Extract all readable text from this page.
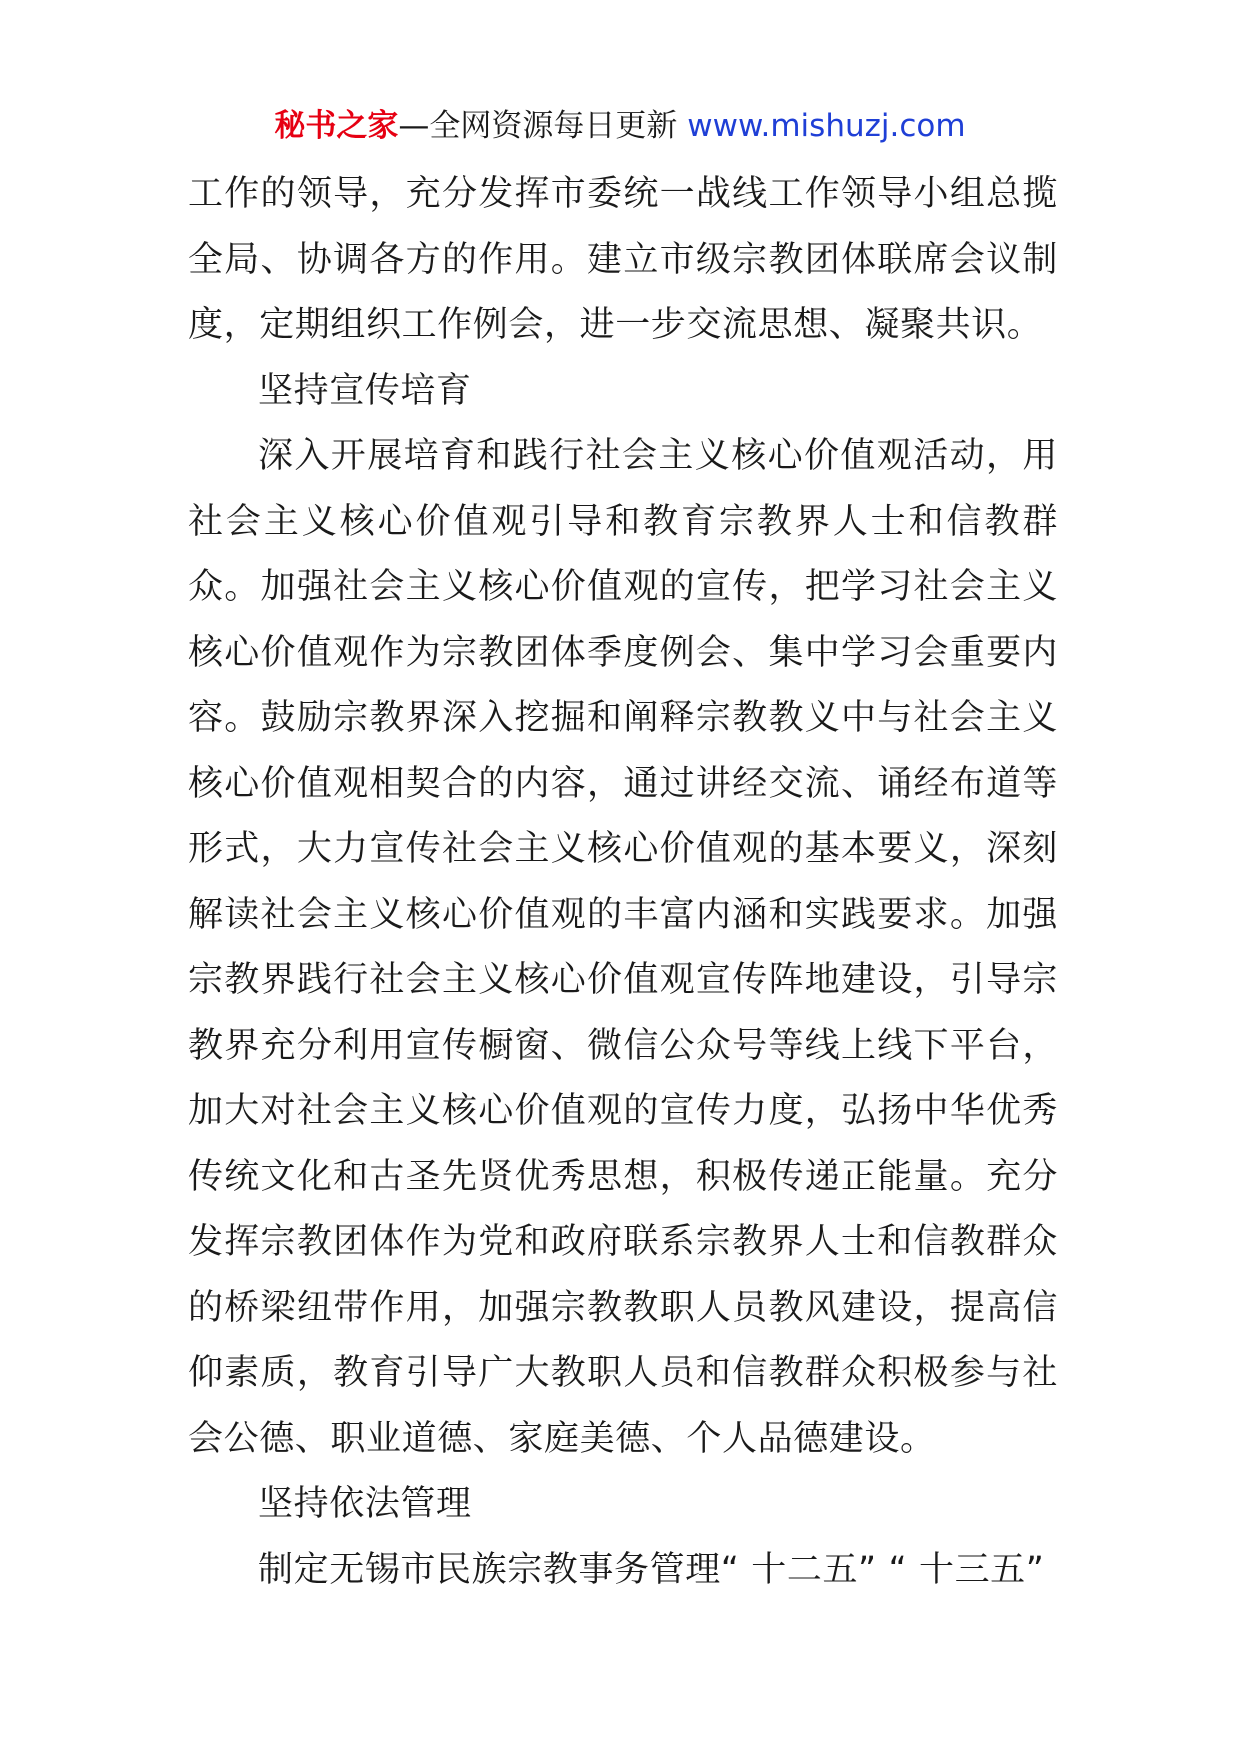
秘书之家—全网资源每日更新 www.mishuzj.com

工作的领导，充分发挥市委统一战线工作领导小组总揽全局、协调各方的作用。建立市级宗教团体联席会议制度，定期组织工作例会，进一步交流思想、凝聚共识。

坚持宣传培育

深入开展培育和践行社会主义核心价值观活动，用社会主义核心价值观引导和教育宗教界人士和信教群众。加强社会主义核心价值观的宣传，把学习社会主义核心价值观作为宗教团体季度例会、集中学习会重要内容。鼓励宗教界深入挖掘和阐释宗教教义中与社会主义核心价值观相契合的内容，通过讲经交流、诵经布道等形式，大力宣传社会主义核心价值观的基本要义，深刻解读社会主义核心价值观的丰富内涵和实践要求。加强宗教界践行社会主义核心价值观宣传阵地建设，引导宗教界充分利用宣传橱窗、微信公众号等线上线下平台，加大对社会主义核心价值观的宣传力度，弘扬中华优秀传统文化和古圣先贤优秀思想，积极传递正能量。充分发挥宗教团体作为党和政府联系宗教界人士和信教群众的桥梁纽带作用，加强宗教教职人员教风建设，提高信仰素质，教育引导广大教职人员和信教群众积极参与社会公德、职业道德、家庭美德、个人品德建设。

坚持依法管理

制定无锡市民族宗教事务管理“ 十二五” “ 十三五”
